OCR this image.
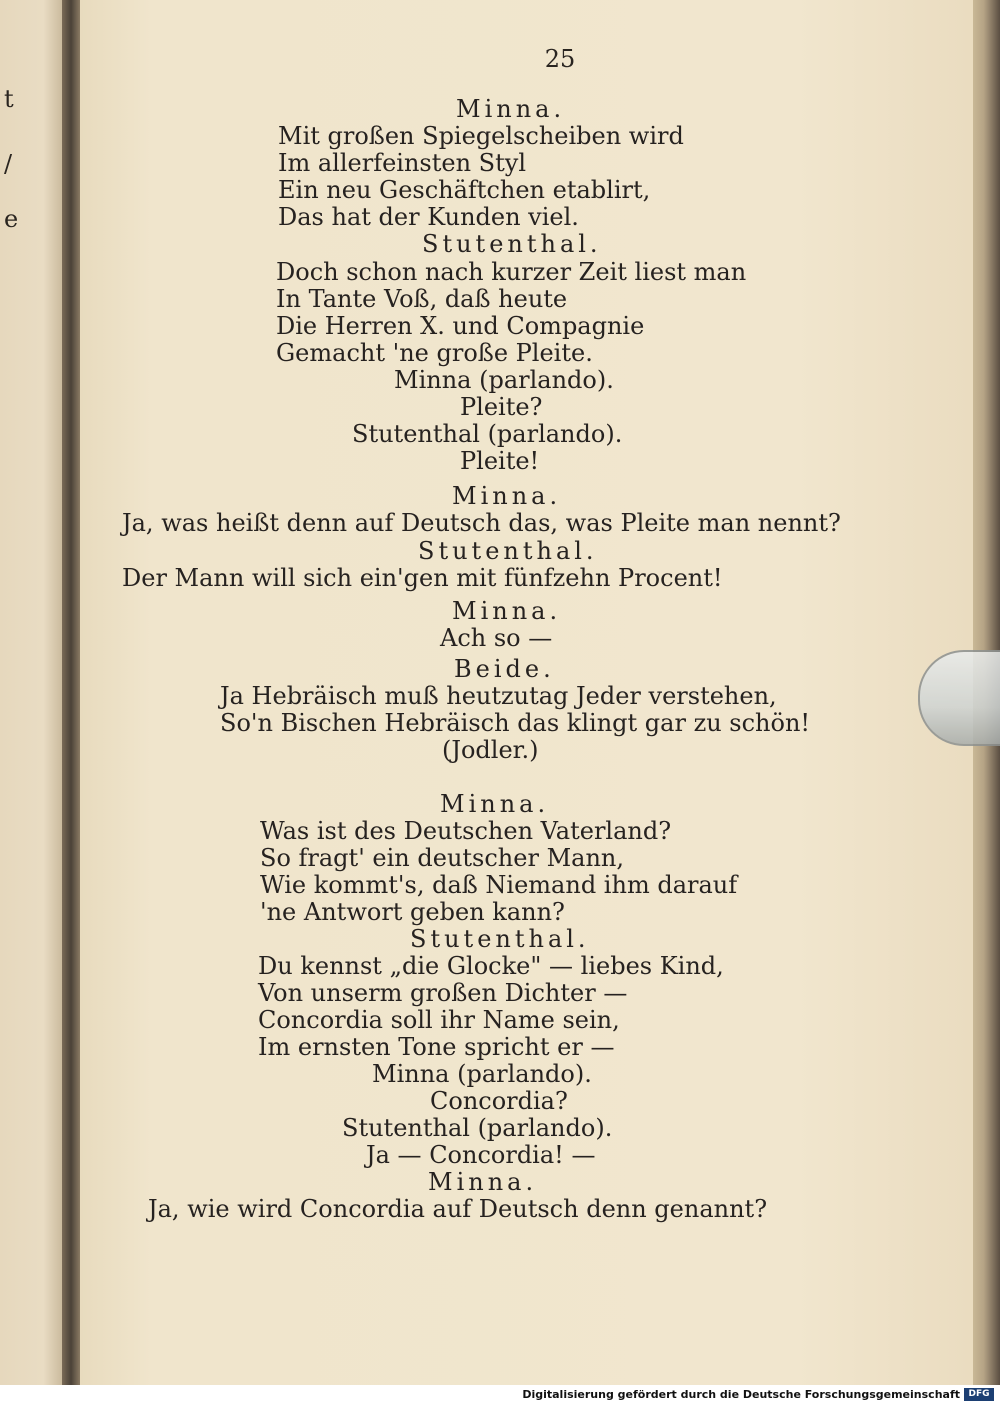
t
/
e
25
Minna.
Mit großen Spiegelscheiben wird
Im allerfeinsten Styl
Ein neu Geschäftchen etablirt,
Das hat der Kunden viel.
Stutenthal.
Doch schon nach kurzer Zeit liest man
In Tante Voß, daß heute
Die Herren X. und Compagnie
Gemacht 'ne große Pleite.
Minna (parlando).
Pleite?
Stutenthal (parlando).
Pleite!
Minna.
Ja, was heißt denn auf Deutsch das, was Pleite man nennt?
Stutenthal.
Der Mann will sich ein'gen mit fünfzehn Procent!
Minna.
Ach so —
Beide.
Ja Hebräisch muß heutzutag Jeder verstehen,
So'n Bischen Hebräisch das klingt gar zu schön!
(Jodler.)
Minna.
Was ist des Deutschen Vaterland?
So fragt' ein deutscher Mann,
Wie kommt's, daß Niemand ihm darauf
'ne Antwort geben kann?
Stutenthal.
Du kennst „die Glocke" — liebes Kind,
Von unserm großen Dichter —
Concordia soll ihr Name sein,
Im ernsten Tone spricht er —
Minna (parlando).
Concordia?
Stutenthal (parlando).
Ja — Concordia! —
Minna.
Ja, wie wird Concordia auf Deutsch denn genannt?
Digitalisierung gefördert durch die Deutsche Forschungsgemeinschaft DFG
